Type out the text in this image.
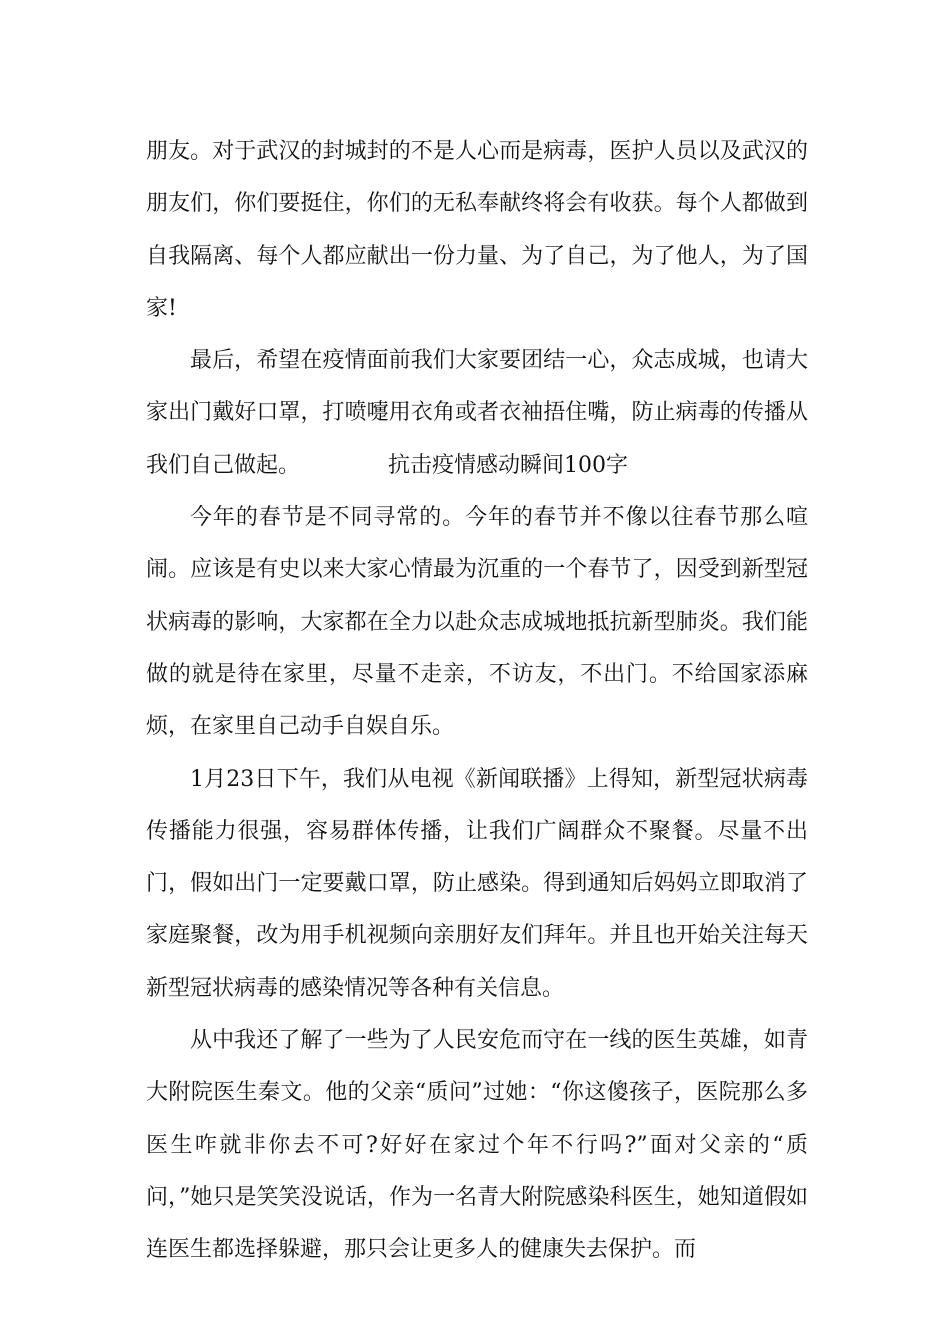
朋友。对于武汉的封城封的不是人心而是病毒，医护人员以及武汉的朋友们，你们要挺住，你们的无私奉献终将会有收获。每个人都做到自我隔离、每个人都应献出一份力量、为了自己，为了他人，为了国家!

最后，希望在疫情面前我们大家要团结一心，众志成城，也请大家出门戴好口罩，打喷嚏用衣角或者衣袖捂住嘴，防止病毒的传播从我们自己做起。	抗击疫情感动瞬间100字

今年的春节是不同寻常的。今年的春节并不像以往春节那么喧闹。应该是有史以来大家心情最为沉重的一个春节了，因受到新型冠状病毒的影响，大家都在全力以赴众志成城地抵抗新型肺炎。我们能做的就是待在家里，尽量不走亲，不访友，不出门。不给国家添麻烦，在家里自己动手自娱自乐。

1月23日下午，我们从电视《新闻联播》上得知，新型冠状病毒传播能力很强，容易群体传播，让我们广阔群众不聚餐。尽量不出门，假如出门一定要戴口罩，防止感染。得到通知后妈妈立即取消了家庭聚餐，改为用手机视频向亲朋好友们拜年。并且也开始关注每天新型冠状病毒的感染情况等各种有关信息。

从中我还了解了一些为了人民安危而守在一线的医生英雄，如青大附院医生秦文。他的父亲“质问”过她：“你这傻孩子，医院那么多医生咋就非你去不可?好好在家过个年不行吗?”面对父亲的“质问，”她只是笑笑没说话，作为一名青大附院感染科医生，她知道假如连医生都选择躲避，那只会让更多人的健康失去保护。而
